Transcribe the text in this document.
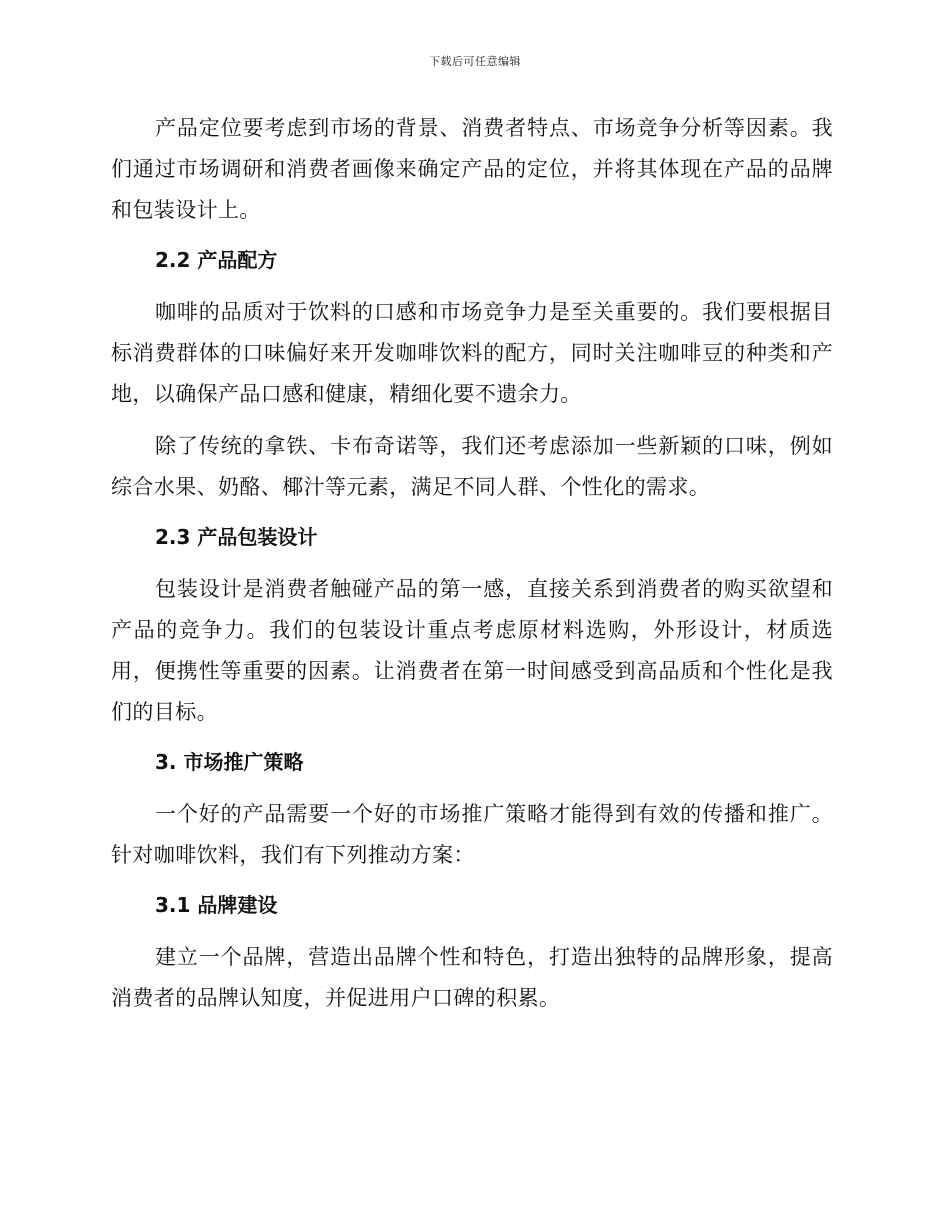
下载后可任意编辑

产品定位要考虑到市场的背景、消费者特点、市场竞争分析等因素。我们通过市场调研和消费者画像来确定产品的定位，并将其体现在产品的品牌和包装设计上。

2.2 产品配方

咖啡的品质对于饮料的口感和市场竞争力是至关重要的。我们要根据目标消费群体的口味偏好来开发咖啡饮料的配方，同时关注咖啡豆的种类和产地，以确保产品口感和健康，精细化要不遗余力。

除了传统的拿铁、卡布奇诺等，我们还考虑添加一些新颖的口味，例如综合水果、奶酪、椰汁等元素，满足不同人群、个性化的需求。

2.3 产品包装设计

包装设计是消费者触碰产品的第一感，直接关系到消费者的购买欲望和产品的竞争力。我们的包装设计重点考虑原材料选购，外形设计，材质选用，便携性等重要的因素。让消费者在第一时间感受到高品质和个性化是我们的目标。

3. 市场推广策略

一个好的产品需要一个好的市场推广策略才能得到有效的传播和推广。针对咖啡饮料，我们有下列推动方案：

3.1 品牌建设

建立一个品牌，营造出品牌个性和特色，打造出独特的品牌形象，提高消费者的品牌认知度，并促进用户口碑的积累。
